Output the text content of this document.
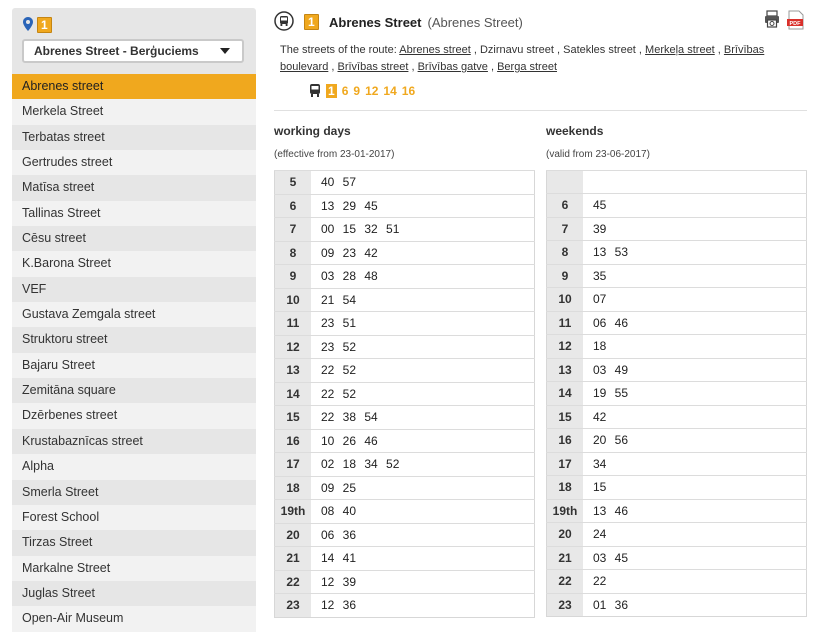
1
Abrenes Street - Berģuciems
Abrenes street
Merkela Street
Terbatas street
Gertrudes street
Matīsa street
Tallinas Street
Cēsu street
K.Barona Street
VEF
Gustava Zemgala street
Struktoru street
Bajaru Street
Zemitāna square
Dzērbenes street
Krustabaznīcas street
Alpha
Smerla Street
Forest School
Tirzas Street
Markalne Street
Juglas Street
Open-Air Museum
1	Abrenes Street (Abrenes Street)	PDF
The streets of the route: Abrenes street , Dzirnavu street , Satekles street , Merkeļa street , Brīvības boulevard , Brīvības street , Brīvības gatve , Berga street
1 6 9 12 14 16
working days
(effective from 23-01-2017)
5	40 57
6	13 29 45
7	00 15 32 51
8	09 23 42
9	03 28 48
10	21 54
11	23 51
12	23 52
13	22 52
14	22 52
15	22 38 54
16	10 26 46
17	02 18 34 52
18	09 25
19th	08 40
20	06 36
21	14 41
22	12 39
23	12 36
weekends
(valid from 23-06-2017)

6	45
7	39
8	13 53
9	35
10	07
11	06 46
12	18
13	03 49
14	19 55
15	42
16	20 56
17	34
18	15
19th	13 46
20	24
21	03 45
22	22
23	01 36
